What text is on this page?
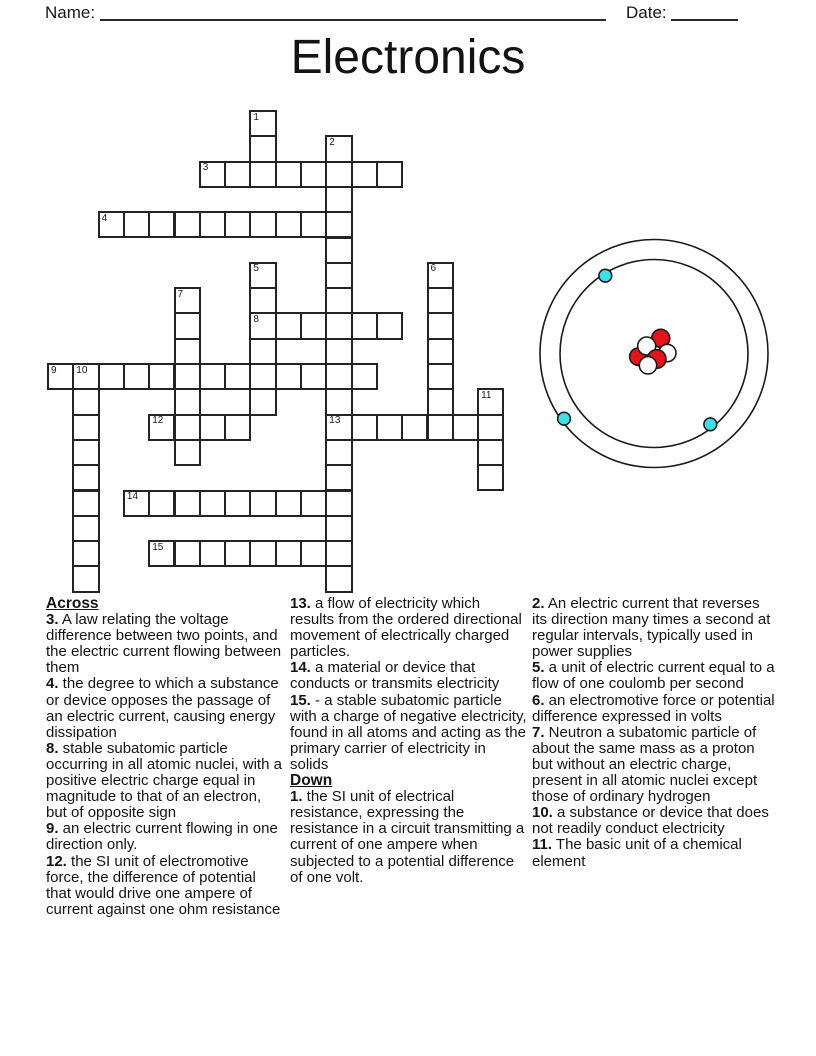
Name:	Date:
Electronics
1
2
13
3
4
5
8
6
7
9 10
11
12
14
15
Across
3. A law relating the voltage difference between two points, and the electric current flowing between them
4. the degree to which a substance or device opposes the passage of an electric current, causing energy dissipation
8. stable subatomic particle occurring in all atomic nuclei, with a positive electric charge equal in magnitude to that of an electron, but of opposite sign
9. an electric current flowing in one direction only.
12. the SI unit of electromotive force, the difference of potential that would drive one ampere of current against one ohm resistance
13. a flow of electricity which results from the ordered directional movement of electrically charged particles.
14. a material or device that conducts or transmits electricity
15. - a stable subatomic particle with a charge of negative electricity, found in all atoms and acting as the primary carrier of electricity in solids
Down
1. the SI unit of electrical resistance, expressing the resistance in a circuit transmitting a current of one ampere when subjected to a potential difference of one volt.
2. An electric current that reverses its direction many times a second at regular intervals, typically used in power supplies
5. a unit of electric current equal to a flow of one coulomb per second
6. an electromotive force or potential difference expressed in volts
7. Neutron a subatomic particle of about the same mass as a proton but without an electric charge, present in all atomic nuclei except those of ordinary hydrogen
10. a substance or device that does not readily conduct electricity
11. The basic unit of a chemical element
